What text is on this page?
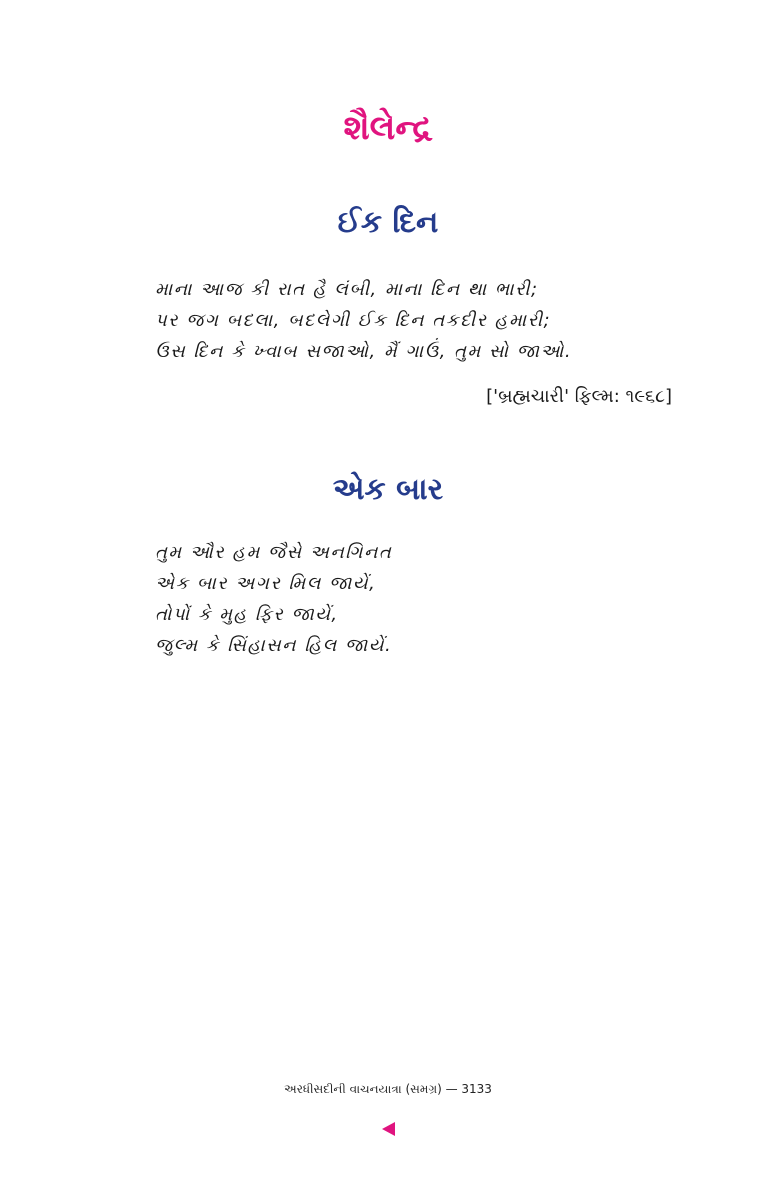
શૈલેન્દ્ર
ઈક દિન
માના આજ કી રાત હૈ લંબી, માના દિન થા ભારી;
પર જગ બદલા, બદલેગી ઈક દિન તકદીર હમારી;
ઉસ દિન કે ખ્વાબ સજાઓ, મૈં ગાઉં, તુમ સો જાઓ.
['બ્રહ્મચારી' ફિલ્મ: ૧૯૬૮]
એક બાર
તુમ ઔર હમ જૈસે અનગિનત
એક બાર અગર મિલ જાયેં,
તોપોં કે મુહ ફિર જાયેં,
જુલ્મ કે સિંહાસન હિલ જાયેં.
અરધીસદીની વાચનયાત્રા (સમગ્ર) — 3133
